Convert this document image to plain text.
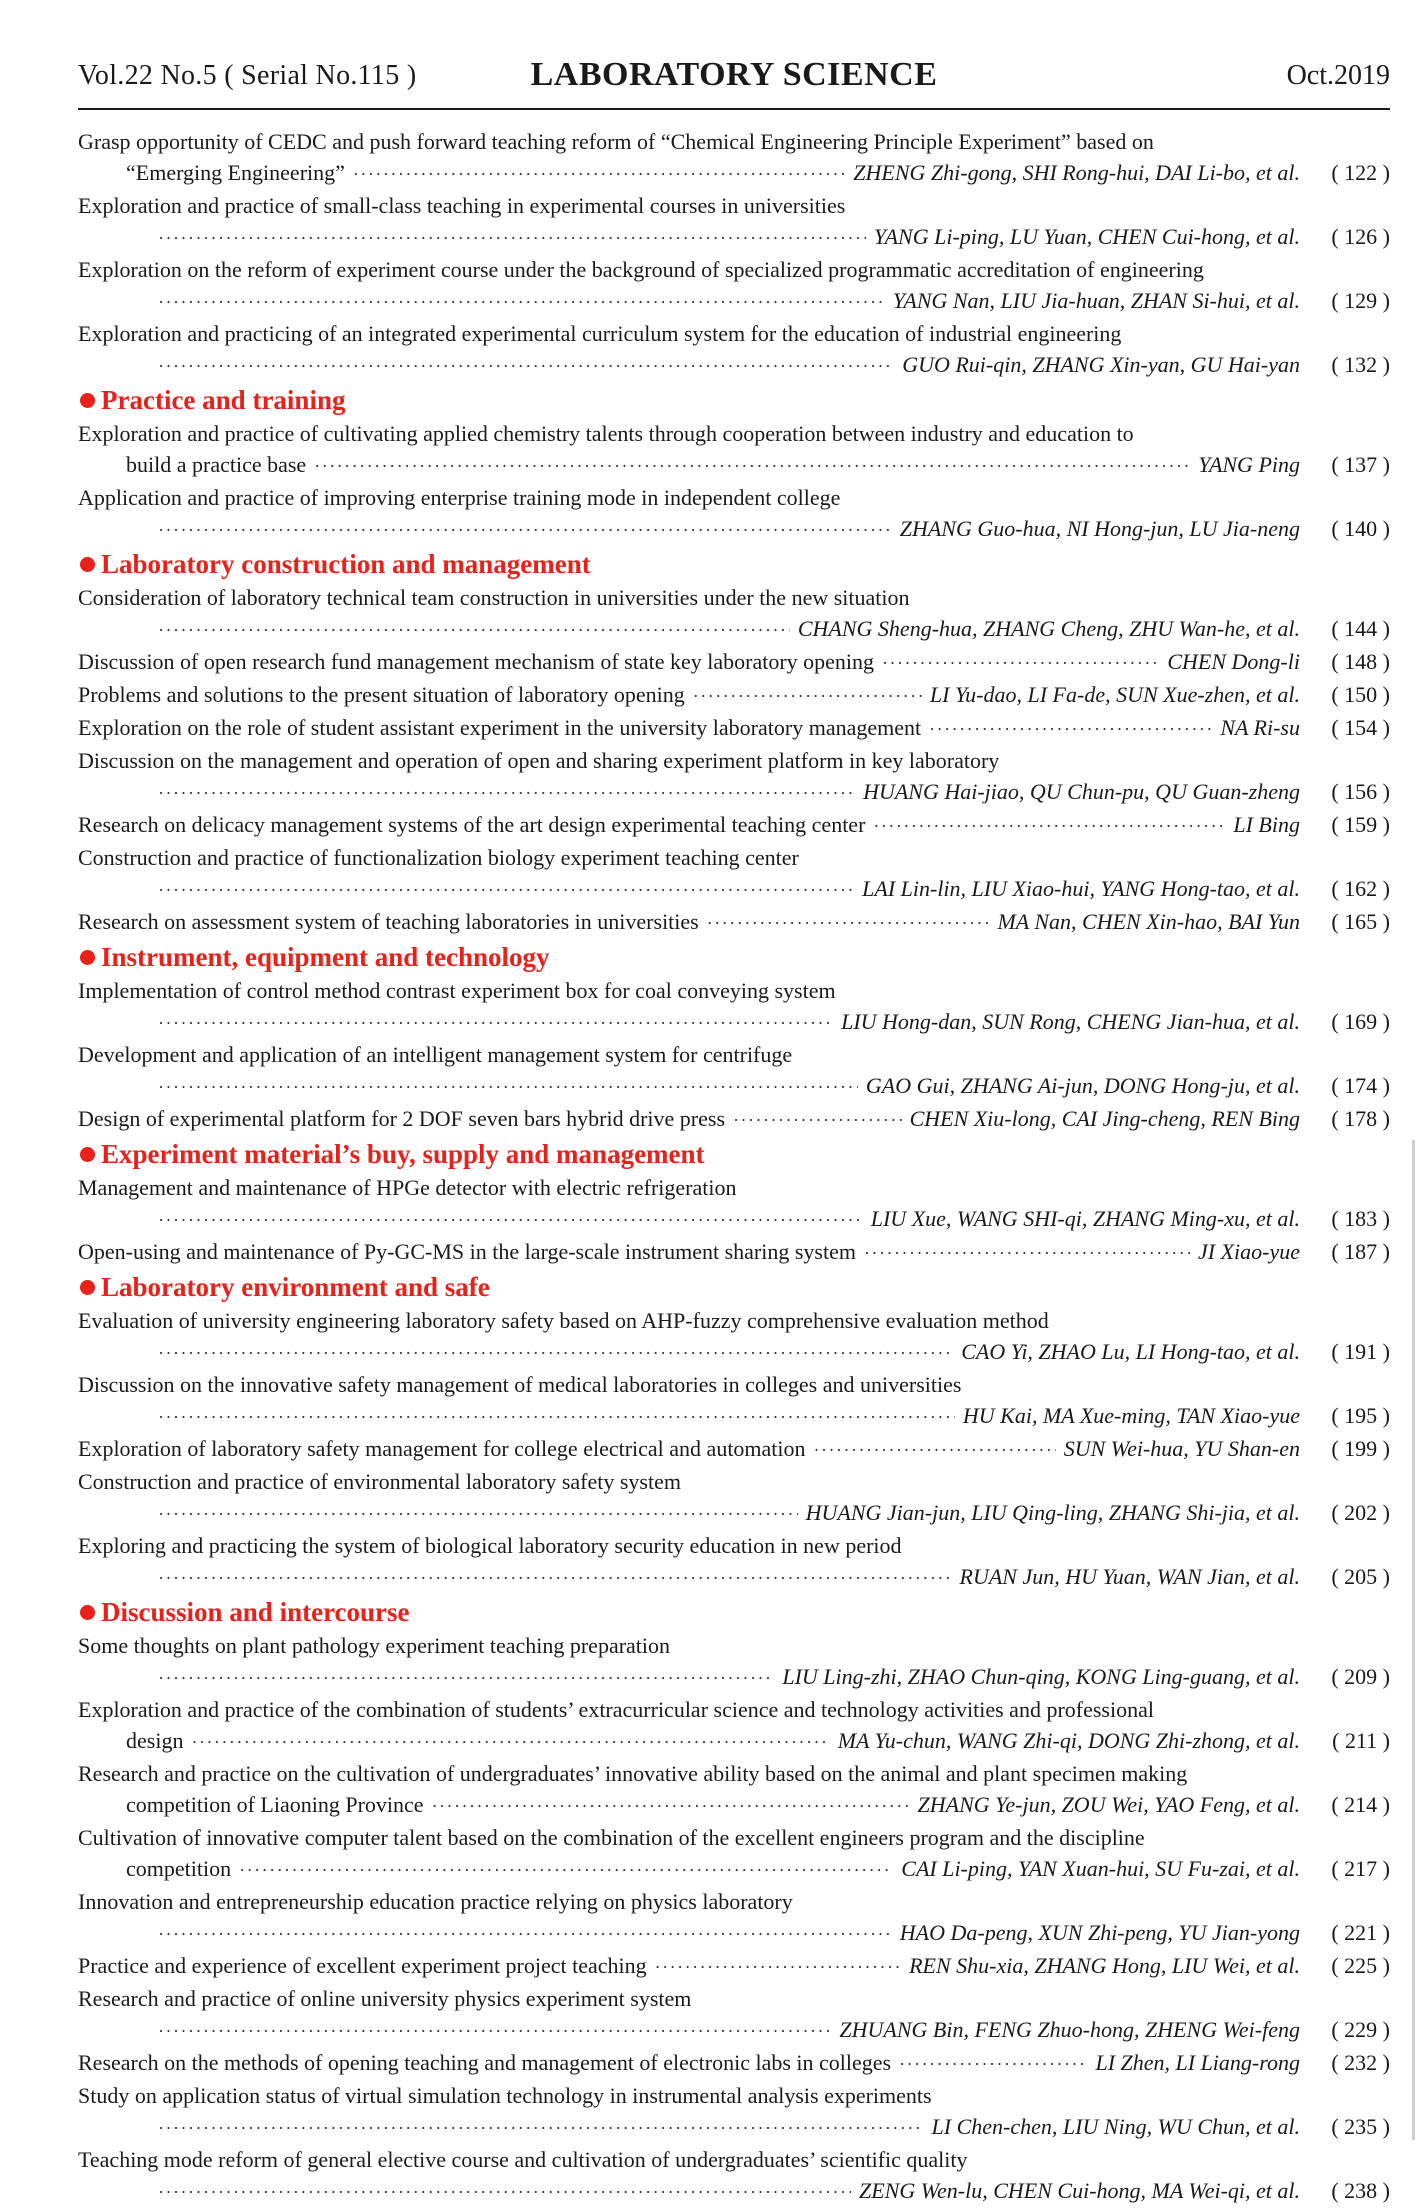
Vol.22 No.5 ( Serial No.115 )	LABORATORY SCIENCE	Oct.2019
Grasp opportunity of CEDC and push forward teaching reform of “Chemical Engineering Principle Experiment” based on
“Emerging Engineering” ·····	ZHENG Zhi-gong, SHI Rong-hui, DAI Li-bo, et al.	( 122 )
Exploration and practice of small-class teaching in experimental courses in universities
·····
YANG Li-ping, LU Yuan, CHEN Cui-hong, et al.	( 126 )
Exploration on the reform of experiment course under the background of specialized programmatic accreditation of engineering
·····
YANG Nan, LIU Jia-huan, ZHAN Si-hui, et al.	( 129 )
Exploration and practicing of an integrated experimental curriculum system for the education of industrial engineering
·····
GUO Rui-qin, ZHANG Xin-yan, GU Hai-yan	( 132 )
Practice and training
Exploration and practice of cultivating applied chemistry talents through cooperation between industry and education to
build a practice base ·····	YANG Ping	( 137 )
Application and practice of improving enterprise training mode in independent college
·····
ZHANG Guo-hua, NI Hong-jun, LU Jia-neng	( 140 )
Laboratory construction and management
Consideration of laboratory technical team construction in universities under the new situation
·····
CHANG Sheng-hua, ZHANG Cheng, ZHU Wan-he, et al.	( 144 )
Discussion of open research fund management mechanism of state key laboratory opening ·····	CHEN Dong-li	( 148 )
Problems and solutions to the present situation of laboratory opening ·····	LI Yu-dao, LI Fa-de, SUN Xue-zhen, et al.	( 150 )
Exploration on the role of student assistant experiment in the university laboratory management ·····	NA Ri-su	( 154 )
Discussion on the management and operation of open and sharing experiment platform in key laboratory
·····
HUANG Hai-jiao, QU Chun-pu, QU Guan-zheng	( 156 )
Research on delicacy management systems of the art design experimental teaching center ·····	LI Bing	( 159 )
Construction and practice of functionalization biology experiment teaching center
·····
LAI Lin-lin, LIU Xiao-hui, YANG Hong-tao, et al.	( 162 )
Research on assessment system of teaching laboratories in universities ·····	MA Nan, CHEN Xin-hao, BAI Yun	( 165 )
Instrument, equipment and technology
Implementation of control method contrast experiment box for coal conveying system
·····
LIU Hong-dan, SUN Rong, CHENG Jian-hua, et al.	( 169 )
Development and application of an intelligent management system for centrifuge
·····
GAO Gui, ZHANG Ai-jun, DONG Hong-ju, et al.	( 174 )
Design of experimental platform for 2 DOF seven bars hybrid drive press ·····	CHEN Xiu-long, CAI Jing-cheng, REN Bing	( 178 )
Experiment material’s buy, supply and management
Management and maintenance of HPGe detector with electric refrigeration
·····
LIU Xue, WANG SHI-qi, ZHANG Ming-xu, et al.	( 183 )
Open-using and maintenance of Py-GC-MS in the large-scale instrument sharing system ·····	JI Xiao-yue	( 187 )
Laboratory environment and safe
Evaluation of university engineering laboratory safety based on AHP-fuzzy comprehensive evaluation method
·····
CAO Yi, ZHAO Lu, LI Hong-tao, et al.	( 191 )
Discussion on the innovative safety management of medical laboratories in colleges and universities
·····
HU Kai, MA Xue-ming, TAN Xiao-yue	( 195 )
Exploration of laboratory safety management for college electrical and automation ·····	SUN Wei-hua, YU Shan-en	( 199 )
Construction and practice of environmental laboratory safety system
·····
HUANG Jian-jun, LIU Qing-ling, ZHANG Shi-jia, et al.	( 202 )
Exploring and practicing the system of biological laboratory security education in new period
·····
RUAN Jun, HU Yuan, WAN Jian, et al.	( 205 )
Discussion and intercourse
Some thoughts on plant pathology experiment teaching preparation
·····
LIU Ling-zhi, ZHAO Chun-qing, KONG Ling-guang, et al.	( 209 )
Exploration and practice of the combination of students’ extracurricular science and technology activities and professional
design ·····	MA Yu-chun, WANG Zhi-qi, DONG Zhi-zhong, et al.	( 211 )
Research and practice on the cultivation of undergraduates’ innovative ability based on the animal and plant specimen making
competition of Liaoning Province ·····	ZHANG Ye-jun, ZOU Wei, YAO Feng, et al.	( 214 )
Cultivation of innovative computer talent based on the combination of the excellent engineers program and the discipline
competition ·····	CAI Li-ping, YAN Xuan-hui, SU Fu-zai, et al.	( 217 )
Innovation and entrepreneurship education practice relying on physics laboratory
·····
HAO Da-peng, XUN Zhi-peng, YU Jian-yong	( 221 )
Practice and experience of excellent experiment project teaching ·····	REN Shu-xia, ZHANG Hong, LIU Wei, et al.	( 225 )
Research and practice of online university physics experiment system
·····
ZHUANG Bin, FENG Zhuo-hong, ZHENG Wei-feng	( 229 )
Research on the methods of opening teaching and management of electronic labs in colleges ·····	LI Zhen, LI Liang-rong	( 232 )
Study on application status of virtual simulation technology in instrumental analysis experiments
·····
LI Chen-chen, LIU Ning, WU Chun, et al.	( 235 )
Teaching mode reform of general elective course and cultivation of undergraduates’ scientific quality
·····
ZENG Wen-lu, CHEN Cui-hong, MA Wei-qi, et al.	( 238 )
